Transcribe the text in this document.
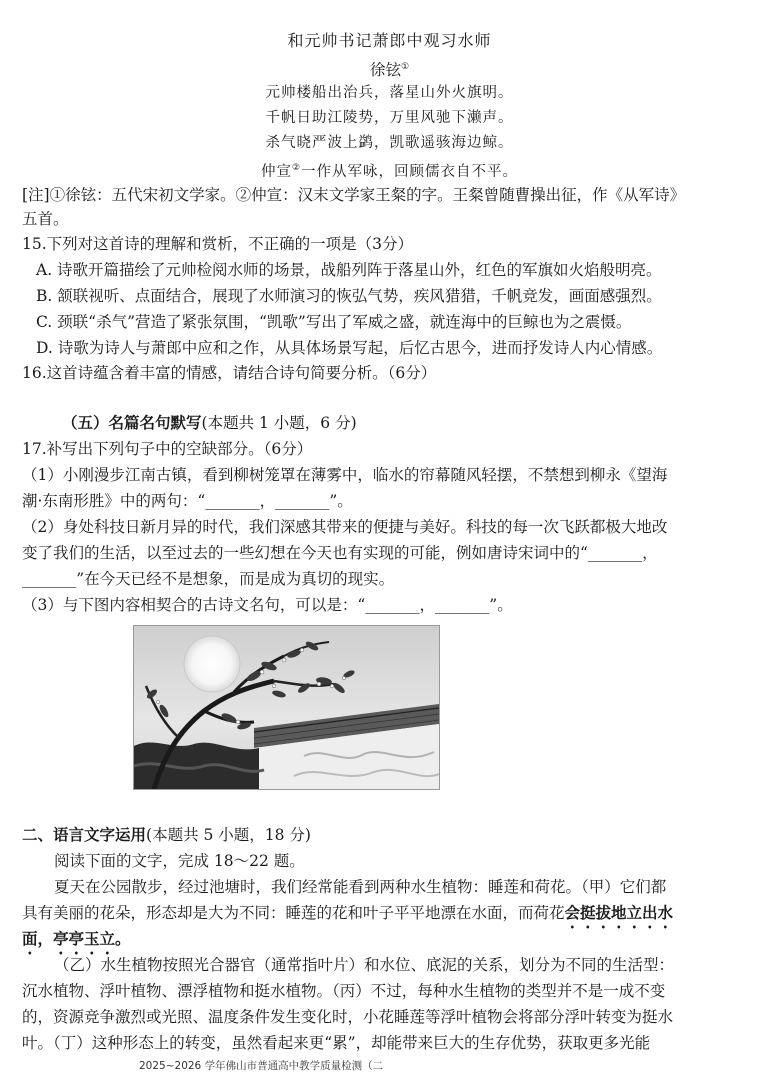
和元帅书记萧郎中观习水师
徐铉①
元帅楼船出治兵，落星山外火旗明。
千帆日助江陵势，万里风驰下濑声。
杀气晓严波上鹢，凯歌遥骇海边鲸。
仲宣②一作从军咏，回顾儒衣自不平。
[注]①徐铉：五代宋初文学家。②仲宣：汉末文学家王粲的字。王粲曾随曹操出征，作《从军诗》
五首。
15.下列对这首诗的理解和赏析，不正确的一项是（3分）
A. 诗歌开篇描绘了元帅检阅水师的场景，战船列阵于落星山外，红色的军旗如火焰般明亮。
B. 颔联视听、点面结合，展现了水师演习的恢弘气势，疾风猎猎，千帆竞发，画面感强烈。
C. 颈联“杀气”营造了紧张氛围，“凯歌”写出了军威之盛，就连海中的巨鲸也为之震慑。
D. 诗歌为诗人与萧郎中应和之作，从具体场景写起，后忆古思今，进而抒发诗人内心情感。
16.这首诗蕴含着丰富的情感，请结合诗句简要分析。（6分）
（五）名篇名句默写(本题共 1 小题，6 分)
17.补写出下列句子中的空缺部分。（6分）
（1）小刚漫步江南古镇，看到柳树笼罩在薄雾中，临水的帘幕随风轻摆，不禁想到柳永《望海
潮·东南形胜》中的两句：“_______，_______”。
（2）身处科技日新月异的时代，我们深感其带来的便捷与美好。科技的每一次飞跃都极大地改
变了我们的生活，以至过去的一些幻想在今天也有实现的可能，例如唐诗宋词中的“_______，
_______”在今天已经不是想象，而是成为真切的现实。
（3）与下图内容相契合的古诗文名句，可以是：“_______，_______”。
二、语言文字运用(本题共 5 小题，18 分)
阅读下面的文字，完成 18～22 题。
夏天在公园散步，经过池塘时，我们经常能看到两种水生植物：睡莲和荷花。（甲）它们都
具有美丽的花朵，形态却是大为不同：睡莲的花和叶子平平地漂在水面，而荷花会挺拔地立出水
面，亭亭玉立。
（乙）水生植物按照光合器官（通常指叶片）和水位、底泥的关系，划分为不同的生活型：
沉水植物、浮叶植物、漂浮植物和挺水植物。（丙）不过，每种水生植物的类型并不是一成不变
的，资源竞争激烈或光照、温度条件发生变化时，小花睡莲等浮叶植物会将部分浮叶转变为挺水
叶。（丁）这种形态上的转变，虽然看起来更“累”，却能带来巨大的生存优势，获取更多光能
2025~2026 学年佛山市普通高中教学质量检测（二
